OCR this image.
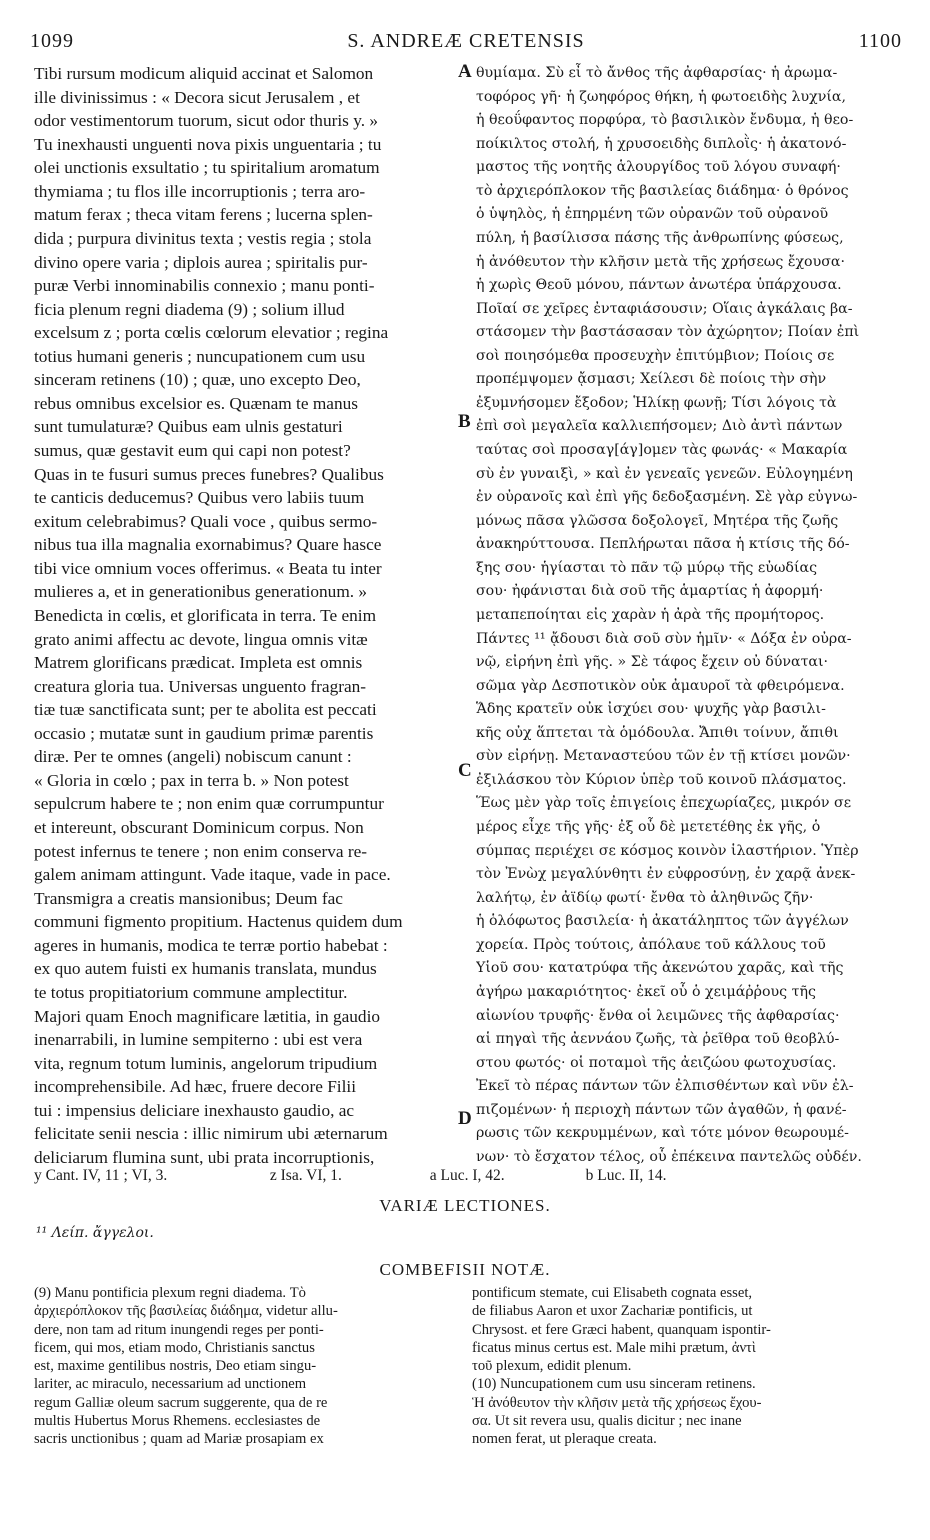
1099	S. ANDREÆ CRETENSIS	1100

Tibi rursum modicum aliquid accinat et Salomon

ille divinissimus : « Decora sicut Jerusalem , et

odor vestimentorum tuorum, sicut odor thuris y. »

Tu inexhausti unguenti nova pixis unguentaria ; tu

olei unctionis exsultatio ; tu spiritalium aromatum

thymiama ; tu flos ille incorruptionis ; terra aro-

matum ferax ; theca vitam ferens ; lucerna splen-

dida ; purpura divinitus texta ; vestis regia ; stola

divino opere varia ; diplois aurea ; spiritalis pur-

puræ Verbi innominabilis connexio ; manu ponti-

ficia plenum regni diadema (9) ; solium illud

excelsum z ; porta cœlis cœlorum elevatior ; regina

totius humani generis ; nuncupationem cum usu

sinceram retinens (10) ; quæ, uno excepto Deo,

rebus omnibus excelsior es. Quænam te manus

sunt tumulaturæ? Quibus eam ulnis gestaturi

sumus, quæ gestavit eum qui capi non potest?

Quas in te fusuri sumus preces funebres? Qualibus

te canticis deducemus? Quibus vero labiis tuum

exitum celebrabimus? Quali voce , quibus sermo-

nibus tua illa magnalia exornabimus? Quare hasce

tibi vice omnium voces offerimus. « Beata tu inter

mulieres a, et in generationibus generationum. »

Benedicta in cœlis, et glorificata in terra. Te enim

grato animi affectu ac devote, lingua omnis vitæ

Matrem glorificans prædicat. Impleta est omnis

creatura gloria tua. Universas unguento fragran-

tiæ tuæ sanctificata sunt; per te abolita est peccati

occasio ; mutatæ sunt in gaudium primæ parentis

diræ. Per te omnes (angeli) nobiscum canunt :

« Gloria in cœlo ; pax in terra b. » Non potest

sepulcrum habere te ; non enim quæ corrumpuntur

et intereunt, obscurant Dominicum corpus. Non

potest infernus te tenere ; non enim conserva re-

galem animam attingunt. Vade itaque, vade in pace.

Transmigra a creatis mansionibus; Deum fac

communi figmento propitium. Hactenus quidem dum

ageres in humanis, modica te terræ portio habebat :

ex quo autem fuisti ex humanis translata, mundus

te totus propitiatorium commune amplectitur.

Majori quam Enoch magnificare lætitia, in gaudio

inenarrabili, in lumine sempiterno : ubi est vera

vita, regnum totum luminis, angelorum tripudium

incomprehensibile. Ad hæc, fruere decore Filii

tui : impensius deliciare inexhausto gaudio, ac

felicitate senii nescia : illic nimirum ubi æternarum

deliciarum flumina sunt, ubi prata incorruptionis,

A
B
C
D

θυμίαμα. Σὺ εἶ τὸ ἄνθος τῆς ἀφθαρσίας· ἡ ἀρωμα-

τοφόρος γῆ· ἡ ζωηφόρος θήκη, ἡ φωτοειδὴς λυχνία,

ἡ θεοΰφαντος πορφύρα, τὸ βασιλικὸν ἔνδυμα, ἡ θεο-

ποίκιλτος στολή, ἡ χρυσοειδὴς διπλοῒς· ἡ ἀκατονό-

μαστος τῆς νοητῆς ἁλουργίδος τοῦ λόγου συναφή·

τὸ ἀρχιερόπλοκον τῆς βασιλείας διάδημα· ὁ θρόνος

ὁ ὑψηλὸς, ἡ ἐπηρμένη τῶν οὐρανῶν τοῦ οὐρανοῦ

πύλη, ἡ βασίλισσα πάσης τῆς ἀνθρωπίνης φύσεως,

ἡ ἀνόθευτον τὴν κλῆσιν μετὰ τῆς χρήσεως ἔχουσα·

ἡ χωρὶς Θεοῦ μόνου, πάντων ἀνωτέρα ὑπάρχουσα.

Ποῖαί σε χεῖρες ἐνταφιάσουσιν; Οἵαις ἀγκάλαις βα-

στάσομεν τὴν βαστάσασαν τὸν ἀχώρητον; Ποίαν ἐπὶ

σοὶ ποιησόμεθα προσευχὴν ἐπιτύμβιον; Ποίοις σε

προπέμψομεν ᾄσμασι; Χείλεσι δὲ ποίοις τὴν σὴν

ἐξυμνήσομεν ἔξοδον; Ἡλίκῃ φωνῇ; Τίσι λόγοις τὰ

ἐπὶ σοὶ μεγαλεῖα καλλιεπήσομεν; Διὸ ἀντὶ πάντων

ταύτας σοὶ προσαγ[άγ]ομεν τὰς φωνάς· « Μακαρία

σὺ ἐν γυναιξὶ, » καὶ ἐν γενεαῖς γενεῶν. Εὐλογημένη

ἐν οὐρανοῖς καὶ ἐπὶ γῆς δεδοξασμένη. Σὲ γὰρ εὐγνω-

μόνως πᾶσα γλῶσσα δοξολογεῖ, Μητέρα τῆς ζωῆς

ἀνακηρύττουσα. Πεπλήρωται πᾶσα ἡ κτίσις τῆς δό-

ξης σου· ἡγίασται τὸ πᾶν τῷ μύρῳ τῆς εὐωδίας

σου· ἠφάνισται διὰ σοῦ τῆς ἁμαρτίας ἡ ἀφορμή·

μεταπεποίηται εἰς χαρὰν ἡ ἀρὰ τῆς προμήτορος.

Πάντες ¹¹ ᾄδουσι διὰ σοῦ σὺν ἡμῖν· « Δόξα ἐν οὐρα-

νῷ, εἰρήνη ἐπὶ γῆς. » Σὲ τάφος ἔχειν οὐ δύναται·

σῶμα γὰρ Δεσποτικὸν οὐκ ἀμαυροῖ τὰ φθειρόμενα.

Ἅδης κρατεῖν οὐκ ἰσχύει σου· ψυχῆς γὰρ βασιλι-

κῆς οὐχ ἅπτεται τὰ ὁμόδουλα. Ἄπιθι τοίνυν, ἄπιθι

σὺν εἰρήνῃ. Μεταναστεύου τῶν ἐν τῇ κτίσει μονῶν·

ἐξιλάσκου τὸν Κύριον ὑπὲρ τοῦ κοινοῦ πλάσματος.

Ἕως μὲν γὰρ τοῖς ἐπιγείοις ἐπεχωρίαζες, μικρόν σε

μέρος εἶχε τῆς γῆς· ἐξ οὗ δὲ μετετέθης ἐκ γῆς, ὁ

σύμπας περιέχει σε κόσμος κοινὸν ἱλαστήριον. Ὑπὲρ

τὸν Ἐνὼχ μεγαλύνθητι ἐν εὐφροσύνῃ, ἐν χαρᾷ ἀνεκ-

λαλήτῳ, ἐν ἀϊδίῳ φωτί· ἔνθα τὸ ἀληθινῶς ζῆν·

ἡ ὁλόφωτος βασιλεία· ἡ ἀκατάληπτος τῶν ἀγγέλων

χορεία. Πρὸς τούτοις, ἀπόλαυε τοῦ κάλλους τοῦ

Υἱοῦ σου· κατατρύφα τῆς ἀκενώτου χαρᾶς, καὶ τῆς

ἀγήρω μακαριότητος· ἐκεῖ οὗ ὁ χειμάῤῥους τῆς

αἰωνίου τρυφῆς· ἔνθα οἱ λειμῶνες τῆς ἀφθαρσίας·

αἱ πηγαὶ τῆς ἀεννάου ζωῆς, τὰ ῥεῖθρα τοῦ θεοβλύ-

στου φωτός· οἱ ποταμοὶ τῆς ἀειζώου φωτοχυσίας.

Ἐκεῖ τὸ πέρας πάντων τῶν ἐλπισθέντων καὶ νῦν ἐλ-

πιζομένων· ἡ περιοχὴ πάντων τῶν ἀγαθῶν, ἡ φανέ-

ρωσις τῶν κεκρυμμένων, καὶ τότε μόνον θεωρουμέ-

νων· τὸ ἔσχατον τέλος, οὗ ἐπέκεινα παντελῶς οὐδέν.

y Cant. IV, 11 ; VI, 3.	z Isa. VI, 1.	a Luc. I, 42.	b Luc. II, 14.
VARIÆ LECTIONES.
¹¹ Λείπ. ἄγγελοι.
COMBEFISII NOTÆ.

(9) Manu pontificia plexum regni diadema. Τὸ

ἀρχιερόπλοκον τῆς βασιλείας διάδημα, videtur allu-

dere, non tam ad ritum inungendi reges per ponti-

ficem, qui mos, etiam modo, Christianis sanctus

est, maxime gentilibus nostris, Deo etiam singu-

lariter, ac miraculo, necessarium ad unctionem

regum Galliæ oleum sacrum suggerente, qua de re

multis Hubertus Morus Rhemens. ecclesiastes de

sacris unctionibus ; quam ad Mariæ prosapiam ex

pontificum stemate, cui Elisabeth cognata esset,

de filiabus Aaron et uxor Zachariæ pontificis, ut

Chrysost. et fere Græci habent, quanquam ispontir-

ficatus minus certus est. Male mihi prætum, ἀντὶ

τοῦ plexum, edidit plenum.

(10) Nuncupationem cum usu sinceram retinens.

Ἡ ἀνόθευτον τὴν κλῆσιν μετὰ τῆς χρήσεως ἔχου-

σα. Ut sit revera usu, qualis dicitur ; nec inane

nomen ferat, ut pleraque creata.
